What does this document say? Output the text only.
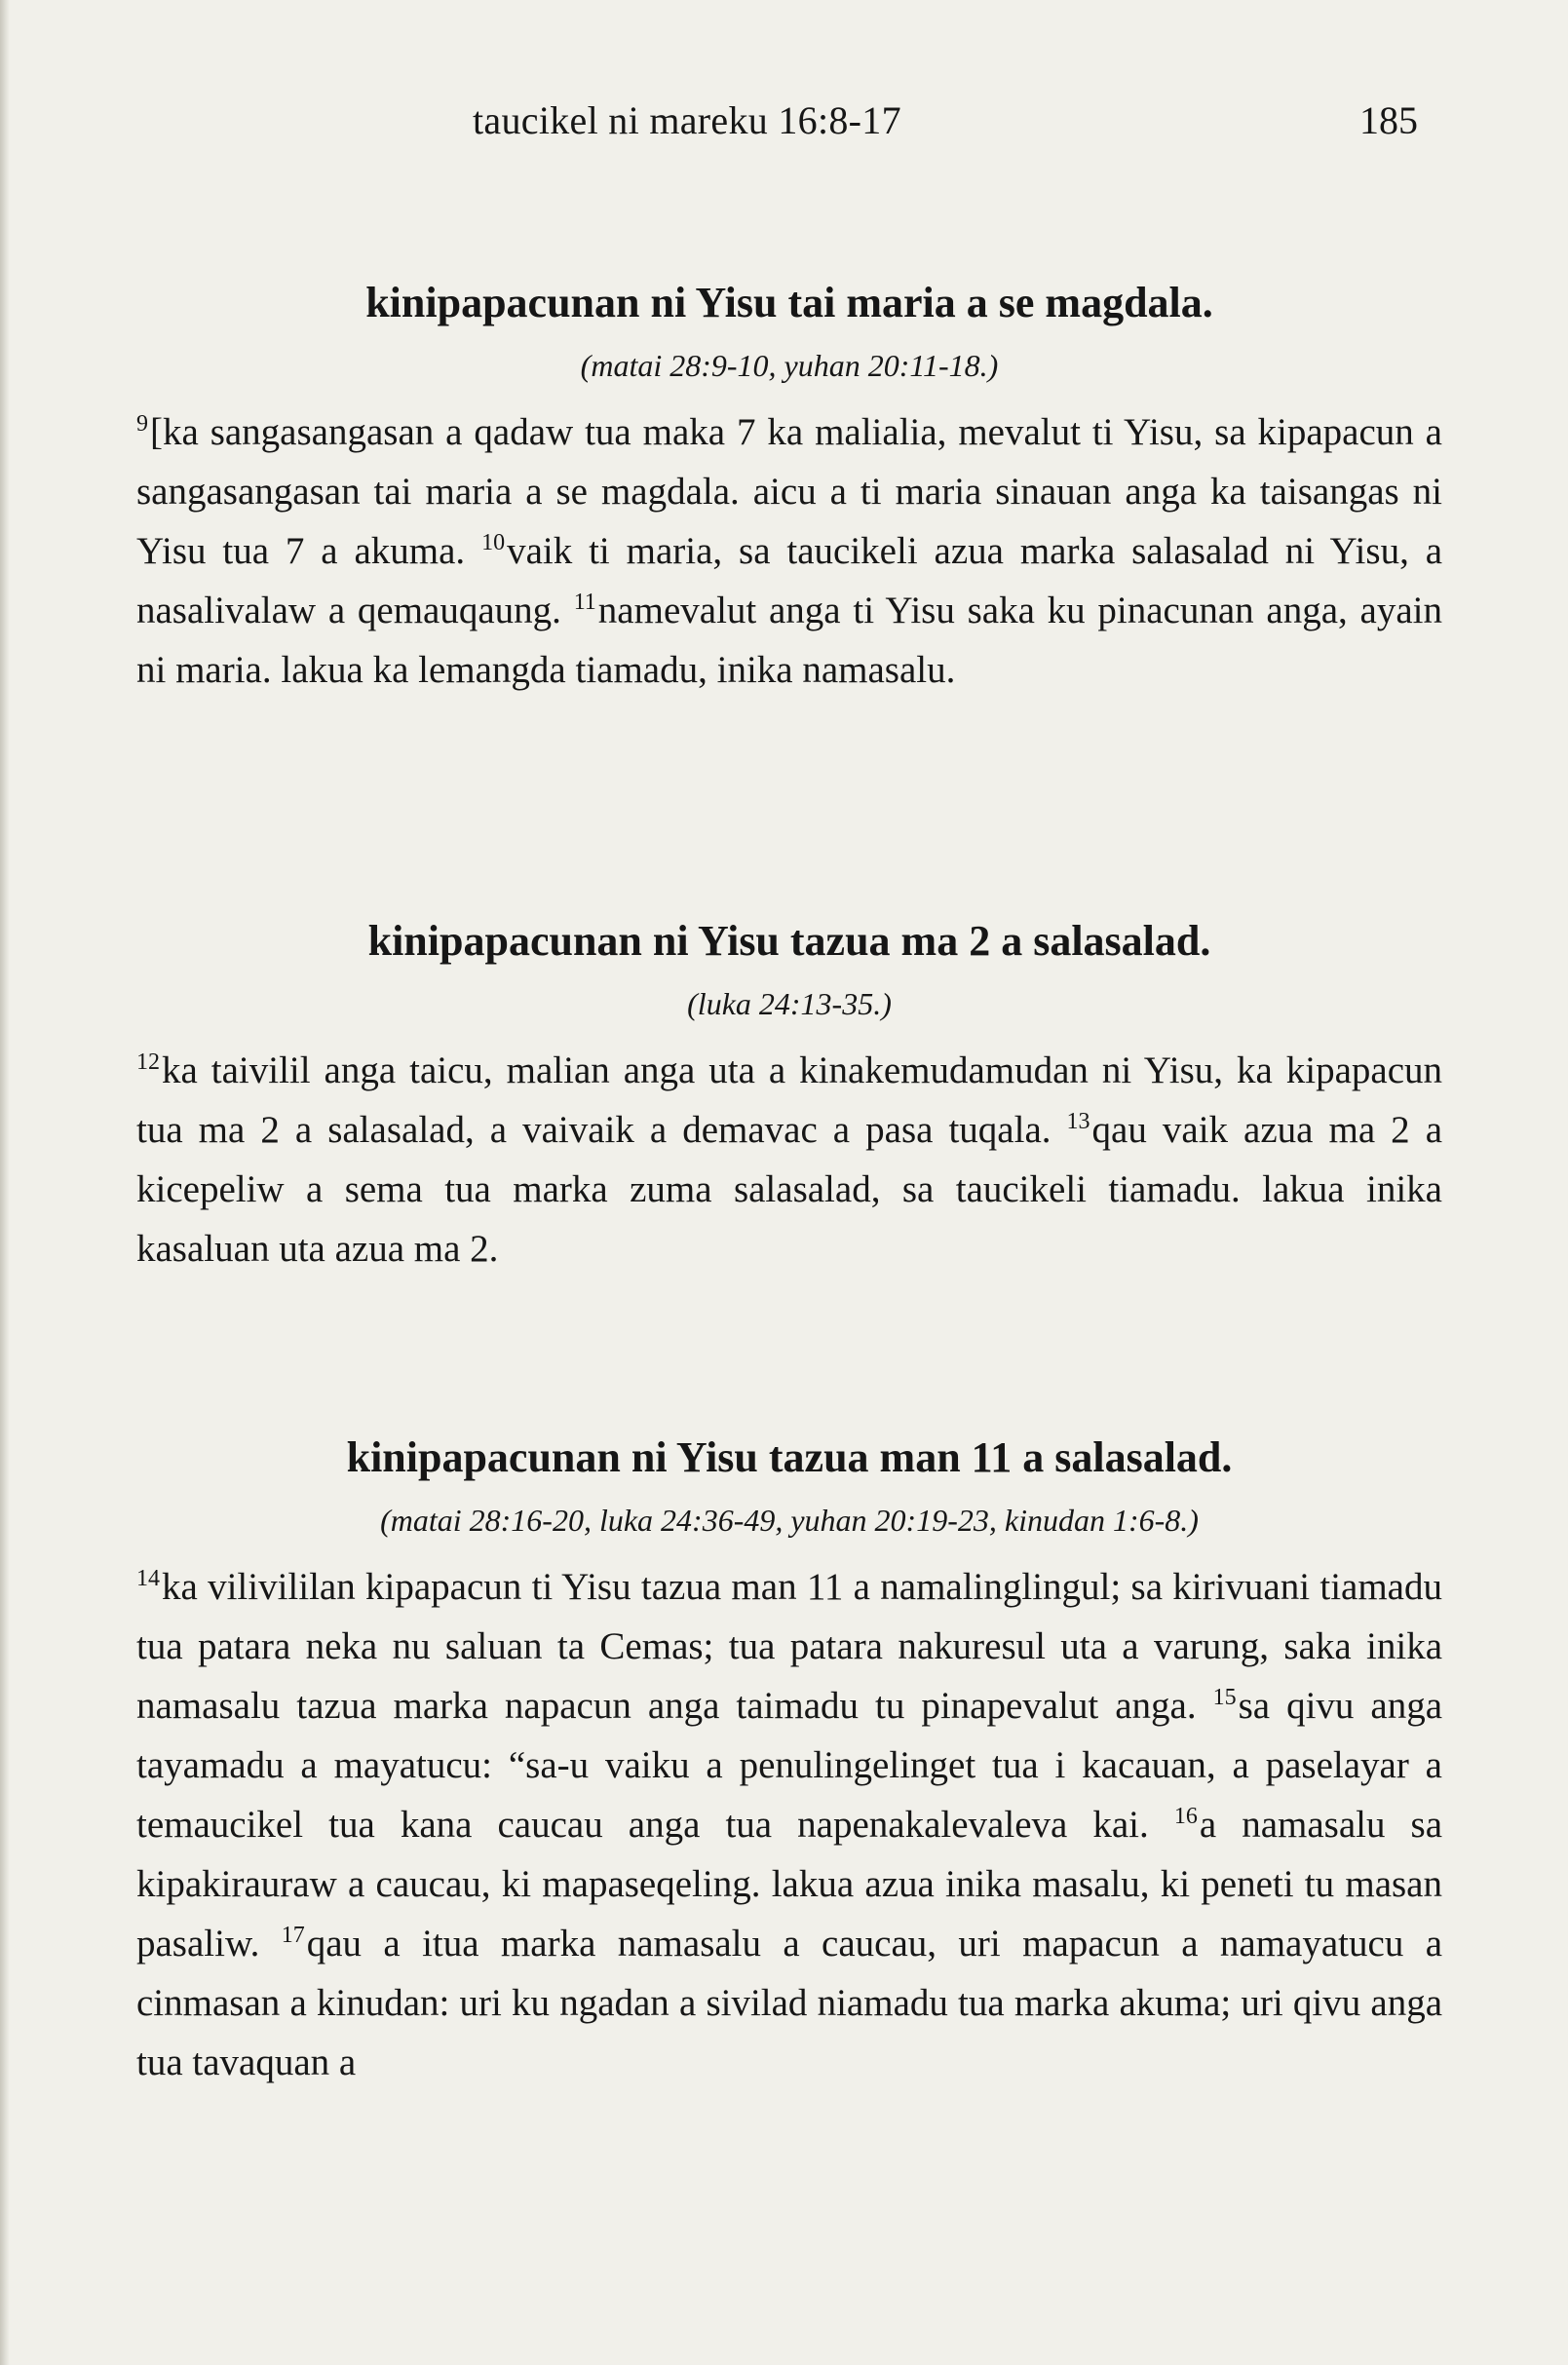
taucikel ni mareku 16:8-17	185
kinipapacunan ni Yisu tai maria a se magdala.
(matai 28:9-10, yuhan 20:11-18.)
$^9$[ka sangasangasan a qadaw tua maka 7 ka malialia, mevalut ti Yisu, sa kipapacun a sangasangasan tai maria a se magdala. aicu a ti maria sinauan anga ka taisangas ni Yisu tua 7 a akuma. $^{10}$vaik ti maria, sa taucikeli azua marka salasalad ni Yisu, a nasalivalaw a qemauqaung. $^{11}$namevalut anga ti Yisu saka ku pinacunan anga, ayain ni maria. lakua ka lemangda tiamadu, inika namasalu.
kinipapacunan ni Yisu tazua ma 2 a salasalad.
(luka 24:13-35.)
$^{12}$ka taivilil anga taicu, malian anga uta a kinakemudamudan ni Yisu, ka kipapacun tua ma 2 a salasalad, a vaivaik a demavac a pasa tuqala. $^{13}$qau vaik azua ma 2 a kicepeliw a sema tua marka zuma salasalad, sa taucikeli tiamadu. lakua inika kasaluan uta azua ma 2.
kinipapacunan ni Yisu tazua man 11 a salasalad.
(matai 28:16-20, luka 24:36-49, yuhan 20:19-23, kinudan 1:6-8.)
$^{14}$ka vilivililan kipapacun ti Yisu tazua man 11 a namalinglingul; sa kirivuani tiamadu tua patara neka nu saluan ta Cemas; tua patara nakuresul uta a varung, saka inika namasalu tazua marka napacun anga taimadu tu pinapevalut anga. $^{15}$sa qivu anga tayamadu a mayatucu: “sa-u vaiku a penulingelinget tua i kacauan, a paselayar a temaucikel tua kana caucau anga tua napenakalevaleva kai. $^{16}$a namasalu sa kipakirauraw a caucau, ki mapaseqeling. lakua azua inika masalu, ki peneti tu masan pasaliw. $^{17}$qau a itua marka namasalu a caucau, uri mapacun a namayatucu a cinmasan a kinudan: uri ku ngadan a sivilad niamadu tua marka akuma; uri qivu anga tua tavaquan a
